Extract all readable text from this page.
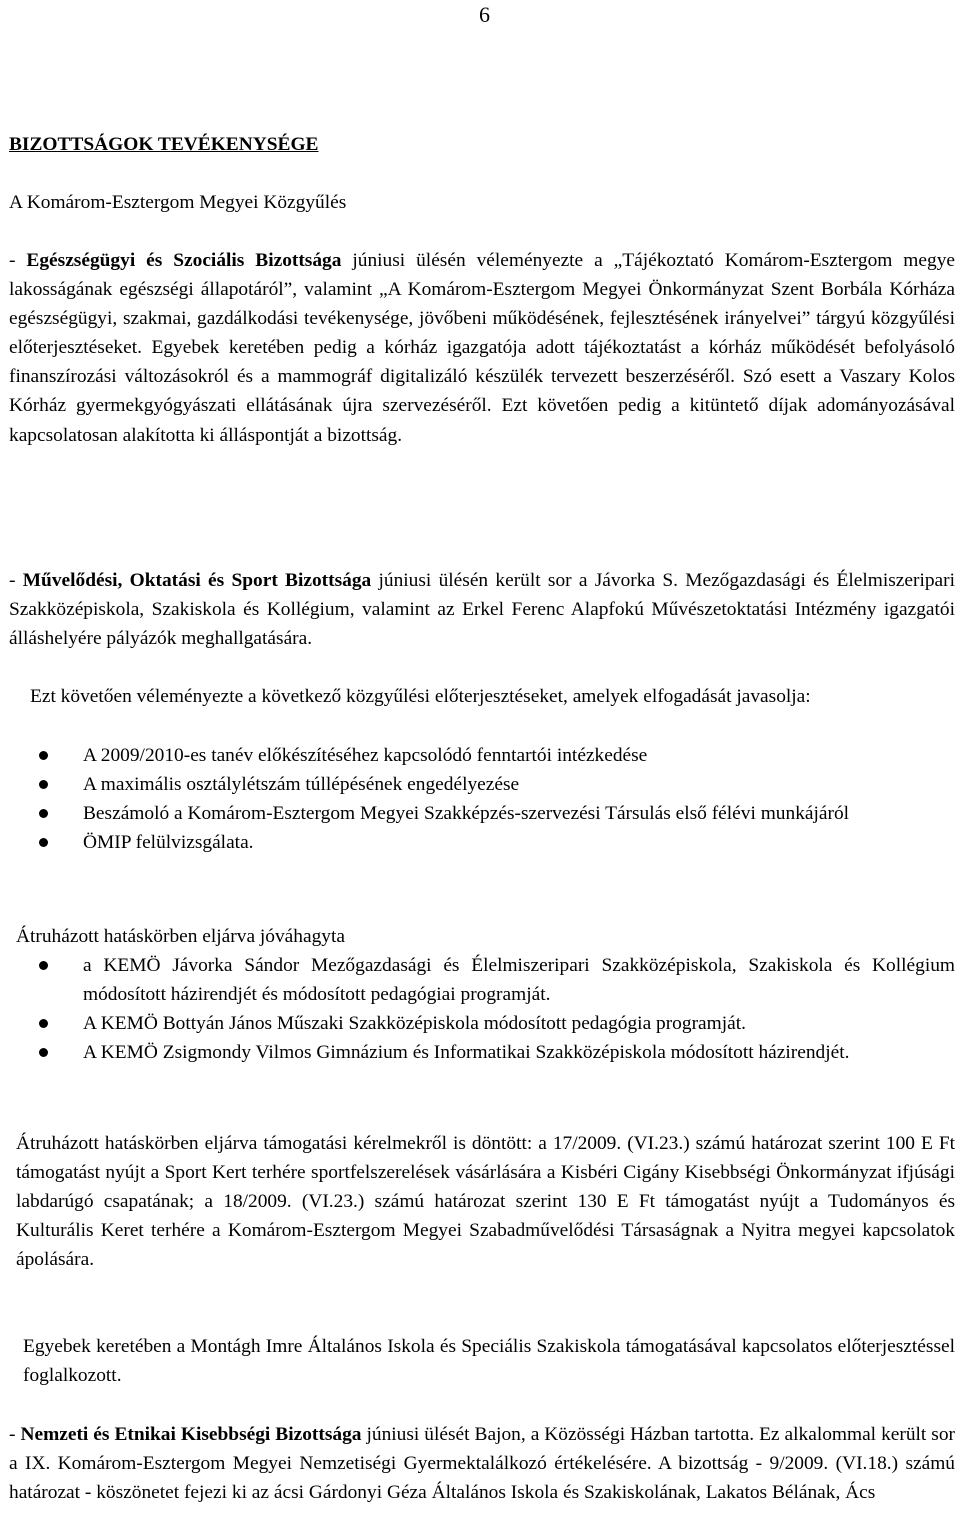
6
BIZOTTSÁGOK TEVÉKENYSÉGE
A Komárom-Esztergom Megyei Közgyűlés
- Egészségügyi és Szociális Bizottsága júniusi ülésén véleményezte a „Tájékoztató Komárom-Esztergom megye lakosságának egészségi állapotáról”, valamint „A Komárom-Esztergom Megyei Önkormányzat Szent Borbála Kórháza egészségügyi, szakmai, gazdálkodási tevékenysége, jövőbeni működésének, fejlesztésének irányelvei” tárgyú közgyűlési előterjesztéseket. Egyebek keretében pedig a kórház igazgatója adott tájékoztatást a kórház működését befolyásoló finanszírozási változásokról és a mammográf digitalizáló készülék tervezett beszerzéséről. Szó esett a Vaszary Kolos Kórház gyermekgyógyászati ellátásának újra szervezéséről. Ezt követően pedig a kitüntető díjak adományozásával kapcsolatosan alakította ki álláspontját a bizottság.
- Művelődési, Oktatási és Sport Bizottsága júniusi ülésén került sor a Jávorka S. Mezőgazdasági és Élelmiszeripari Szakközépiskola, Szakiskola és Kollégium, valamint az Erkel Ferenc Alapfokú Művészetoktatási Intézmény igazgatói álláshelyére pályázók meghallgatására.
Ezt követően véleményezte a következő közgyűlési előterjesztéseket, amelyek elfogadását javasolja:
A 2009/2010-es tanév előkészítéséhez kapcsolódó fenntartói intézkedése
A maximális osztálylétszám túllépésének engedélyezése
Beszámoló a Komárom-Esztergom Megyei Szakképzés-szervezési Társulás első félévi munkájáról
ÖMIP felülvizsgálata.
Átruházott hatáskörben eljárva jóváhagyta
a KEMÖ Jávorka Sándor Mezőgazdasági és Élelmiszeripari Szakközépiskola, Szakiskola és Kollégium módosított házirendjét és módosított pedagógiai programját.
A KEMÖ Bottyán János Műszaki Szakközépiskola módosított pedagógia programját.
A KEMÖ Zsigmondy Vilmos Gimnázium és Informatikai Szakközépiskola módosított házirendjét.
Átruházott hatáskörben eljárva támogatási kérelmekről is döntött: a 17/2009. (VI.23.) számú határozat szerint 100 E Ft támogatást nyújt a Sport Kert terhére sportfelszerelések vásárlására a Kisbéri Cigány Kisebbségi Önkormányzat ifjúsági labdarúgó csapatának; a 18/2009. (VI.23.) számú határozat szerint 130 E Ft támogatást nyújt a Tudományos és Kulturális Keret terhére a Komárom-Esztergom Megyei Szabadművelődési Társaságnak a Nyitra megyei kapcsolatok ápolására.
Egyebek keretében a Montágh Imre Általános Iskola és Speciális Szakiskola támogatásával kapcsolatos előterjesztéssel foglalkozott.
- Nemzeti és Etnikai Kisebbségi Bizottsága júniusi ülését Bajon, a Közösségi Házban tartotta. Ez alkalommal került sor a IX. Komárom-Esztergom Megyei Nemzetiségi Gyermektalálkozó értékelésére. A bizottság - 9/2009. (VI.18.) számú határozat - köszönetet fejezi ki az ácsi Gárdonyi Géza Általános Iskola és Szakiskolának, Lakatos Bélának, Ács
